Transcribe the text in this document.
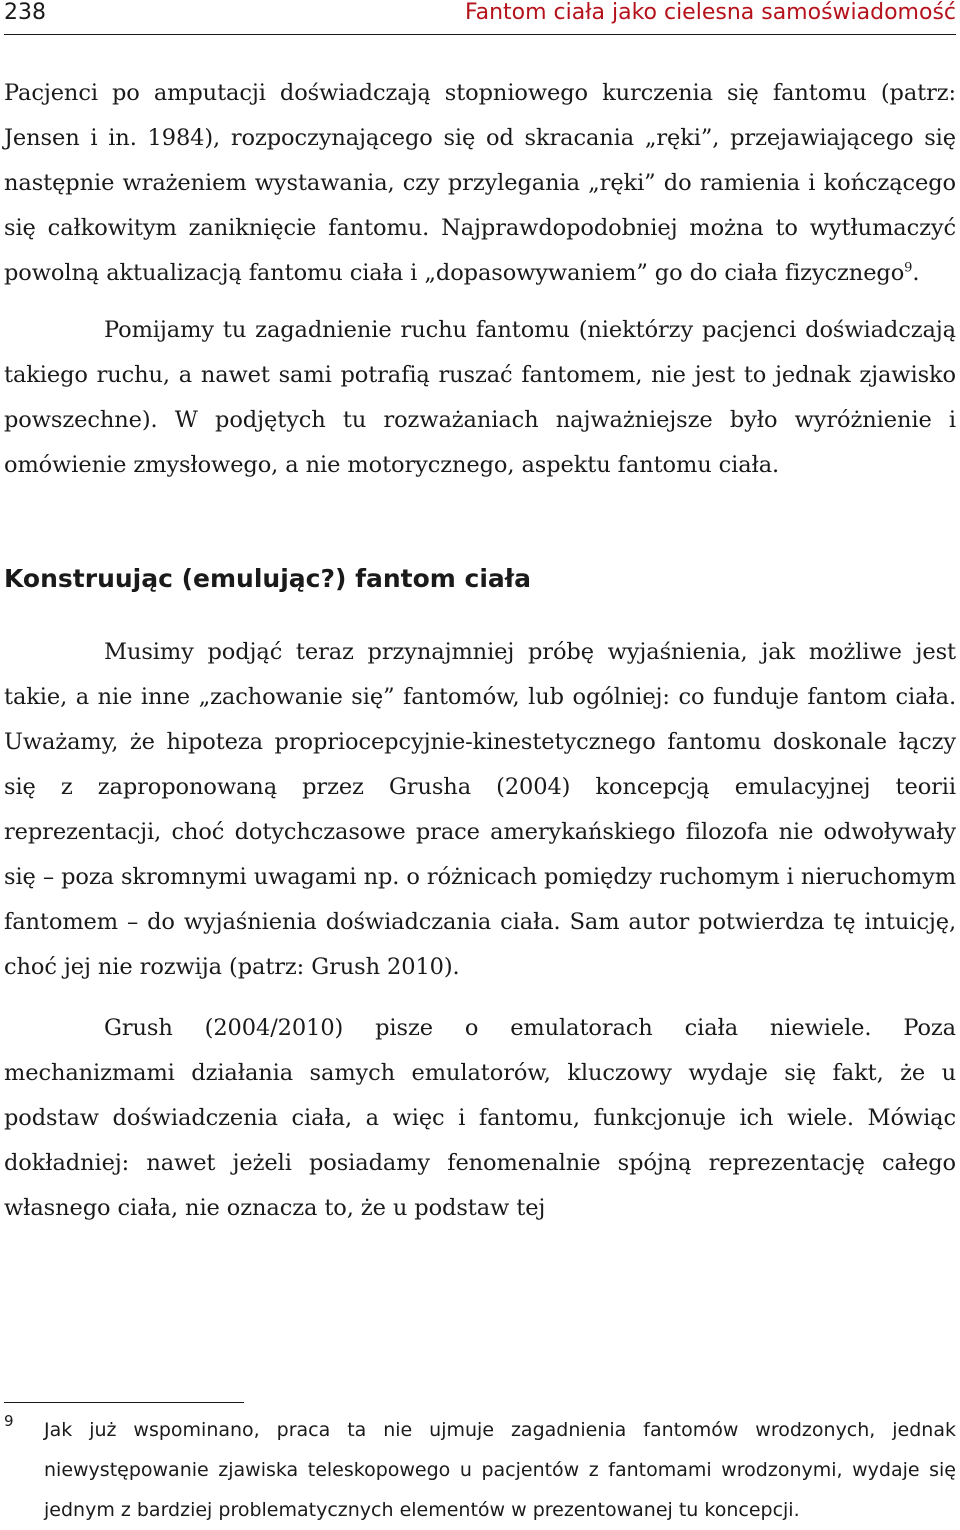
238	Fantom ciała jako cielesna samoświadomość

Pacjenci po amputacji doświadczają stopniowego kurczenia się fantomu (patrz: Jensen i in. 1984), rozpoczynającego się od skracania „ręki”, przejawiającego się następnie wrażeniem wystawania, czy przylegania „ręki” do ramienia i kończącego się całkowitym zaniknięcie fantomu. Najprawdopodobniej można to wytłumaczyć powolną aktualizacją fantomu ciała i „dopasowywaniem” go do ciała fizycznego$^9$.

Pomijamy tu zagadnienie ruchu fantomu (niektórzy pacjenci doświadczają takiego ruchu, a nawet sami potrafią ruszać fantomem, nie jest to jednak zjawisko powszechne). W podjętych tu rozważaniach najważniejsze było wyróżnienie i omówienie zmysłowego, a nie motorycznego, aspektu fantomu ciała.

Konstruując (emulując?) fantom ciała

Musimy podjąć teraz przynajmniej próbę wyjaśnienia, jak możliwe jest takie, a nie inne „zachowanie się” fantomów, lub ogólniej: co funduje fantom ciała. Uważamy, że hipoteza propriocepcyjnie-kinestetycznego fantomu doskonale łączy się z zaproponowaną przez Grusha (2004) koncepcją emulacyjnej teorii reprezentacji, choć dotychczasowe prace amerykańskiego filozofa nie odwoływały się – poza skromnymi uwagami np. o różnicach pomiędzy ruchomym i nieruchomym fantomem – do wyjaśnienia doświadczania ciała. Sam autor potwierdza tę intuicję, choć jej nie rozwija (patrz: Grush 2010).

Grush (2004/2010) pisze o emulatorach ciała niewiele. Poza mechanizmami działania samych emulatorów, kluczowy wydaje się fakt, że u podstaw doświadczenia ciała, a więc i fantomu, funkcjonuje ich wiele. Mówiąc dokładniej: nawet jeżeli posiadamy fenomenalnie spójną reprezentację całego własnego ciała, nie oznacza to, że u podstaw tej

9	Jak już wspominano, praca ta nie ujmuje zagadnienia fantomów wrodzonych, jednak niewystępowanie zjawiska teleskopowego u pacjentów z fantomami wrodzonymi, wydaje się jednym z bardziej problematycznych elementów w prezentowanej tu koncepcji.
